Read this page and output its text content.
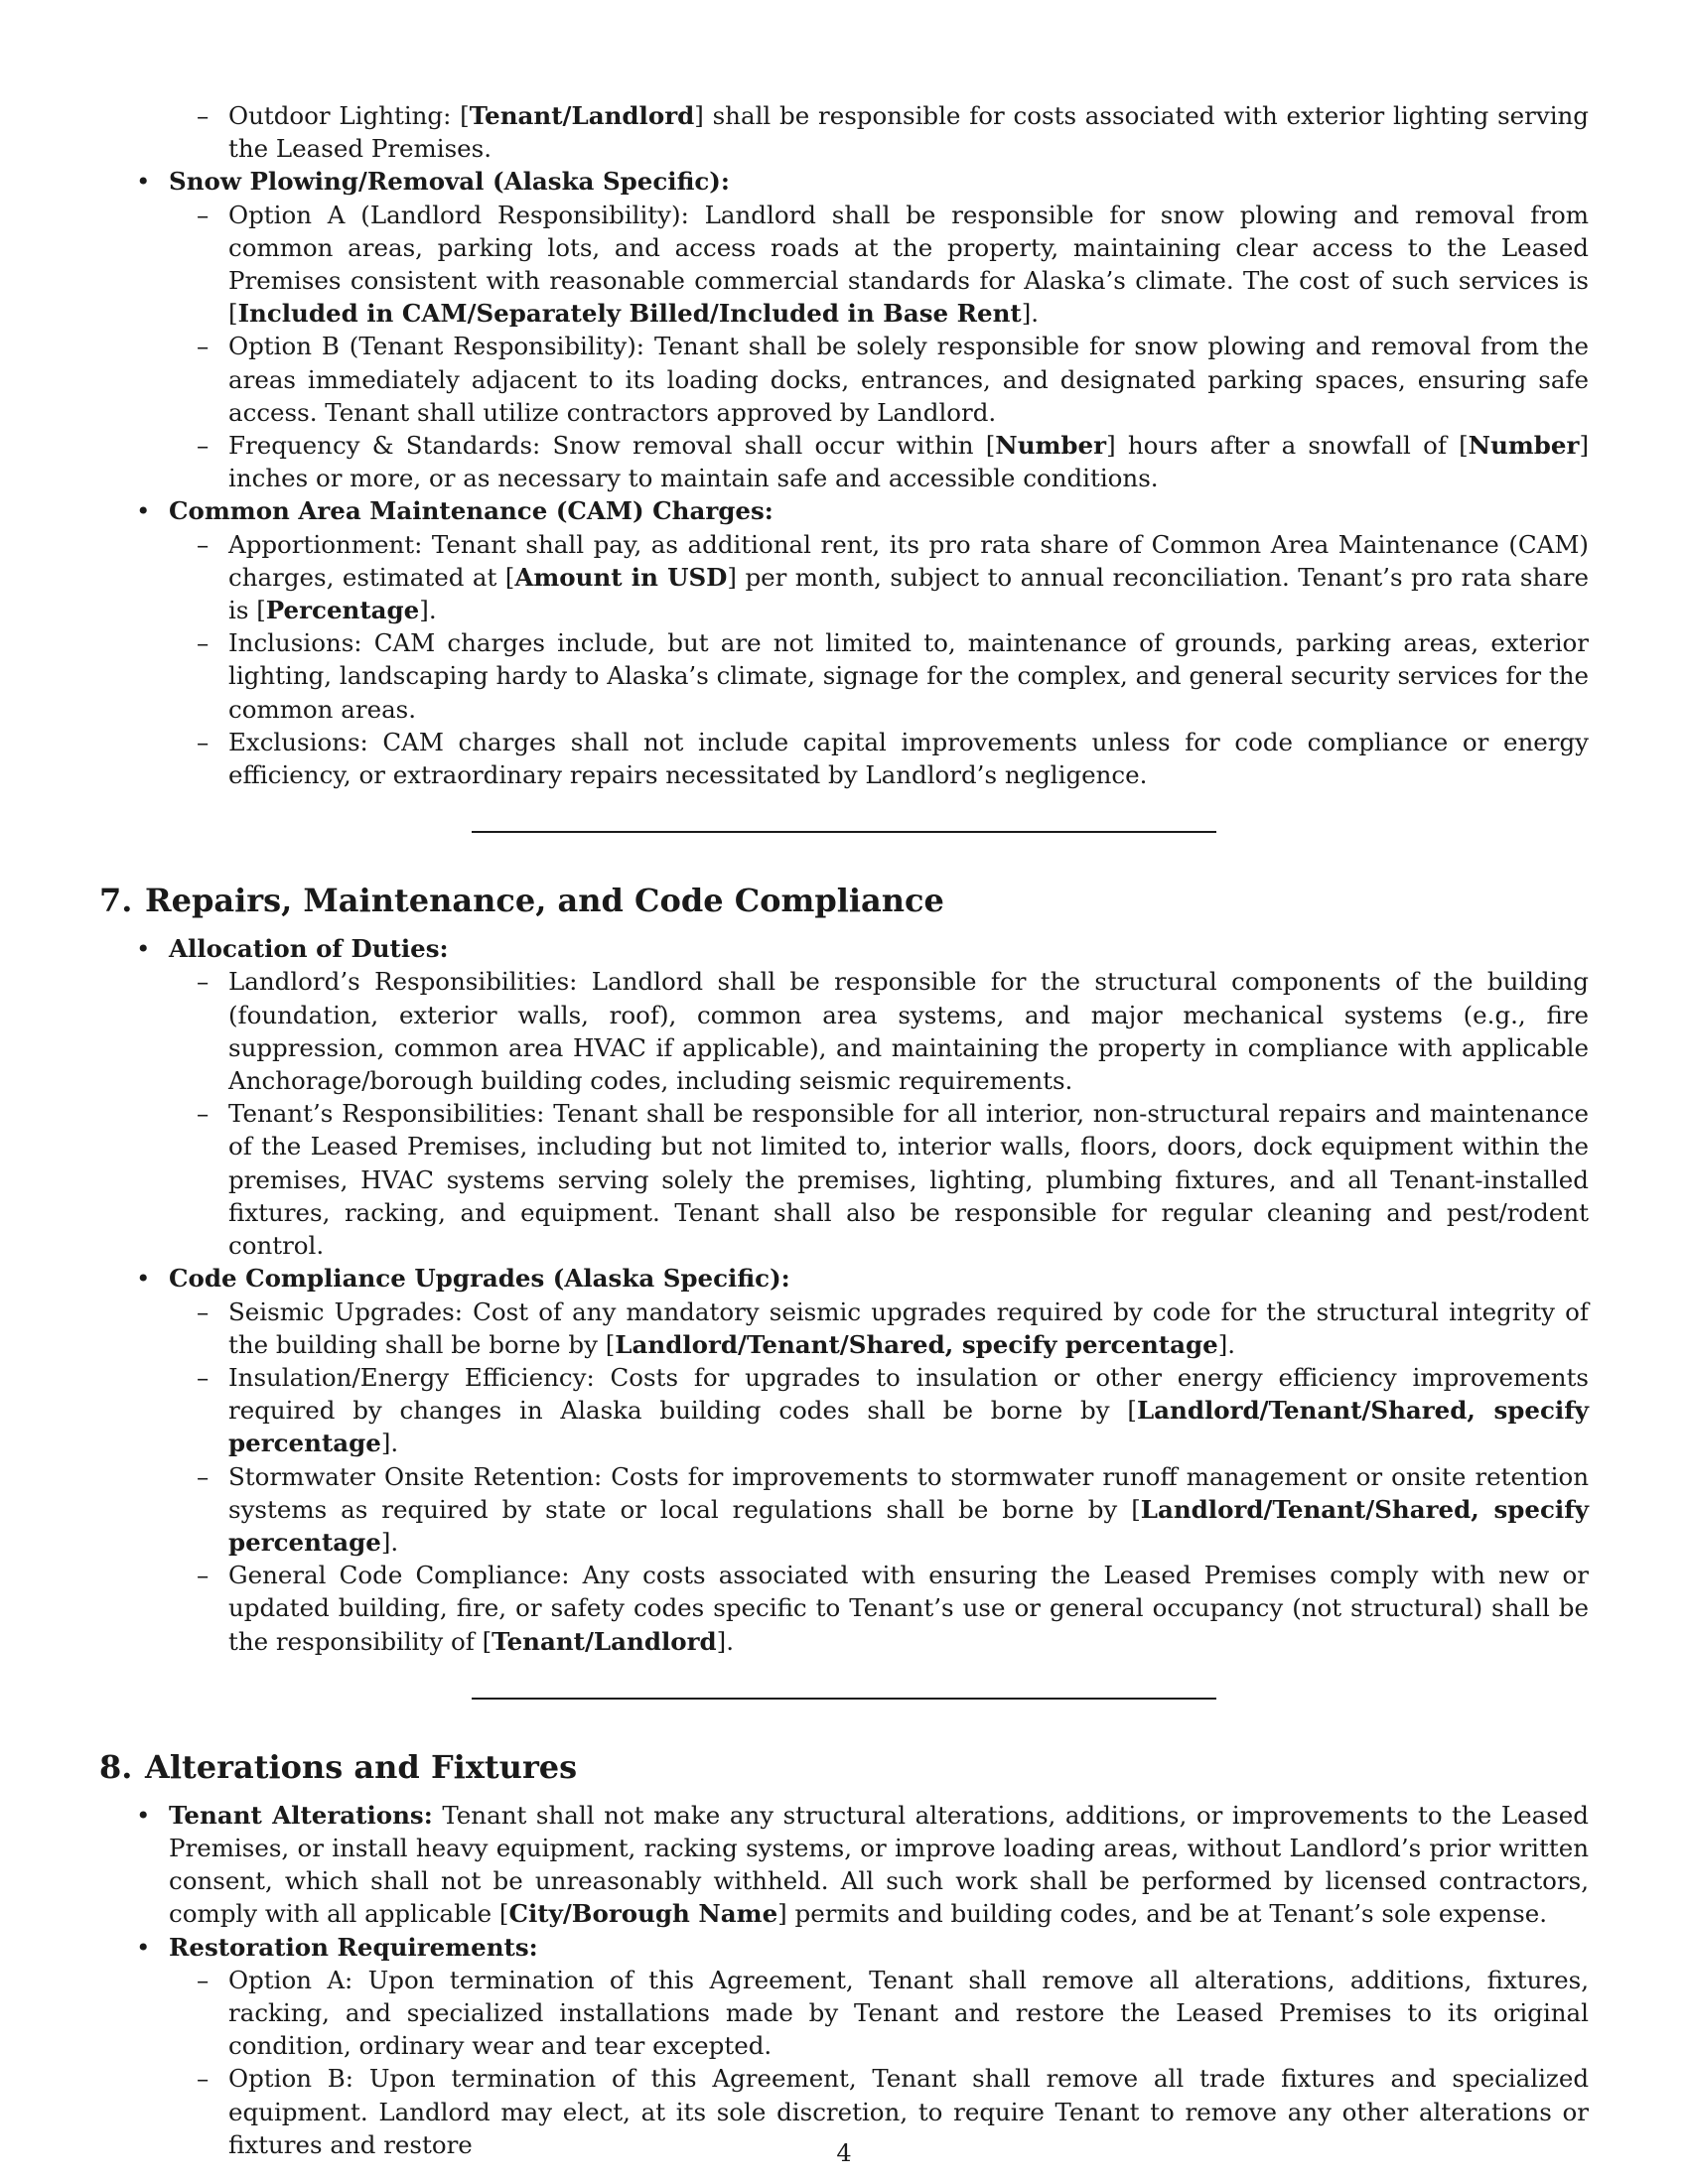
– Outdoor Lighting: [Tenant/Landlord] shall be responsible for costs associated with exterior lighting serving the Leased Premises.
• Snow Plowing/Removal (Alaska Specific):
– Option A (Landlord Responsibility): Landlord shall be responsible for snow plowing and removal from common areas, parking lots, and access roads at the property, maintaining clear access to the Leased Premises consistent with reasonable commercial standards for Alaska’s climate. The cost of such services is [Included in CAM/Separately Billed/Included in Base Rent].
– Option B (Tenant Responsibility): Tenant shall be solely responsible for snow plowing and removal from the areas immediately adjacent to its loading docks, entrances, and designated parking spaces, ensuring safe access. Tenant shall utilize contractors approved by Landlord.
– Frequency & Standards: Snow removal shall occur within [Number] hours after a snowfall of [Number] inches or more, or as necessary to maintain safe and accessible conditions.
• Common Area Maintenance (CAM) Charges:
– Apportionment: Tenant shall pay, as additional rent, its pro rata share of Common Area Maintenance (CAM) charges, estimated at [Amount in USD] per month, subject to annual reconciliation. Tenant’s pro rata share is [Percentage].
– Inclusions: CAM charges include, but are not limited to, maintenance of grounds, parking areas, exterior lighting, landscaping hardy to Alaska’s climate, signage for the complex, and general security services for the common areas.
– Exclusions: CAM charges shall not include capital improvements unless for code compliance or energy efficiency, or extraordinary repairs necessitated by Landlord’s negligence.
7. Repairs, Maintenance, and Code Compliance
• Allocation of Duties:
– Landlord’s Responsibilities: Landlord shall be responsible for the structural components of the building (foundation, exterior walls, roof), common area systems, and major mechanical systems (e.g., fire suppression, common area HVAC if applicable), and maintaining the property in compliance with applicable Anchorage/borough building codes, including seismic requirements.
– Tenant’s Responsibilities: Tenant shall be responsible for all interior, non-structural repairs and maintenance of the Leased Premises, including but not limited to, interior walls, floors, doors, dock equipment within the premises, HVAC systems serving solely the premises, lighting, plumbing fixtures, and all Tenant-installed fixtures, racking, and equipment. Tenant shall also be responsible for regular cleaning and pest/rodent control.
• Code Compliance Upgrades (Alaska Specific):
– Seismic Upgrades: Cost of any mandatory seismic upgrades required by code for the structural integrity of the building shall be borne by [Landlord/Tenant/Shared, specify percentage].
– Insulation/Energy Efficiency: Costs for upgrades to insulation or other energy efficiency improvements required by changes in Alaska building codes shall be borne by [Landlord/Tenant/Shared, specify percentage].
– Stormwater Onsite Retention: Costs for improvements to stormwater runoff management or onsite retention systems as required by state or local regulations shall be borne by [Landlord/Tenant/Shared, specify percentage].
– General Code Compliance: Any costs associated with ensuring the Leased Premises comply with new or updated building, fire, or safety codes specific to Tenant’s use or general occupancy (not structural) shall be the responsibility of [Tenant/Landlord].
8. Alterations and Fixtures
• Tenant Alterations: Tenant shall not make any structural alterations, additions, or improvements to the Leased Premises, or install heavy equipment, racking systems, or improve loading areas, without Landlord’s prior written consent, which shall not be unreasonably withheld. All such work shall be performed by licensed contractors, comply with all applicable [City/Borough Name] permits and building codes, and be at Tenant’s sole expense.
• Restoration Requirements:
– Option A: Upon termination of this Agreement, Tenant shall remove all alterations, additions, fixtures, racking, and specialized installations made by Tenant and restore the Leased Premises to its original condition, ordinary wear and tear excepted.
– Option B: Upon termination of this Agreement, Tenant shall remove all trade fixtures and specialized equipment. Landlord may elect, at its sole discretion, to require Tenant to remove any other alterations or fixtures and restore	4
